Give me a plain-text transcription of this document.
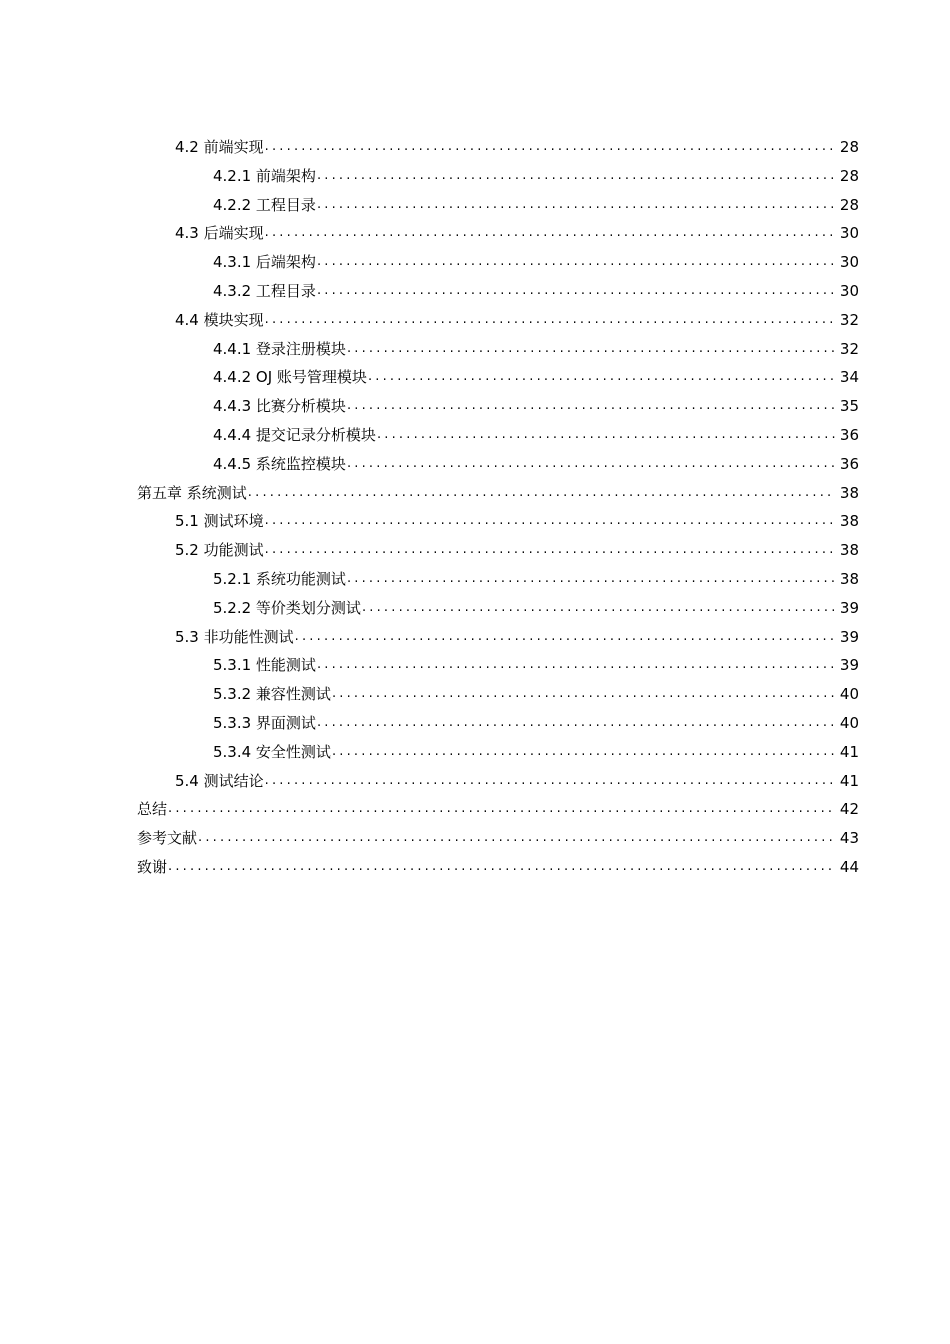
4.2 前端实现 .....	28
4.2.1 前端架构 .....	28
4.2.2 工程目录 .....	28
4.3 后端实现 .....	30
4.3.1 后端架构 .....	30
4.3.2 工程目录 .....	30
4.4 模块实现 .....	32
4.4.1 登录注册模块 .....	32
4.4.2 OJ 账号管理模块 .....	34
4.4.3 比赛分析模块 .....	35
4.4.4 提交记录分析模块 .....	36
4.4.5 系统监控模块 .....	36
第五章 系统测试 .....	38
5.1 测试环境 .....	38
5.2 功能测试 .....	38
5.2.1 系统功能测试 .....	38
5.2.2 等价类划分测试 .....	39
5.3 非功能性测试 .....	39
5.3.1 性能测试 .....	39
5.3.2 兼容性测试 .....	40
5.3.3 界面测试 .....	40
5.3.4 安全性测试 .....	41
5.4 测试结论 .....	41
总结 .....	42
参考文献 .....	43
致谢 .....	44
